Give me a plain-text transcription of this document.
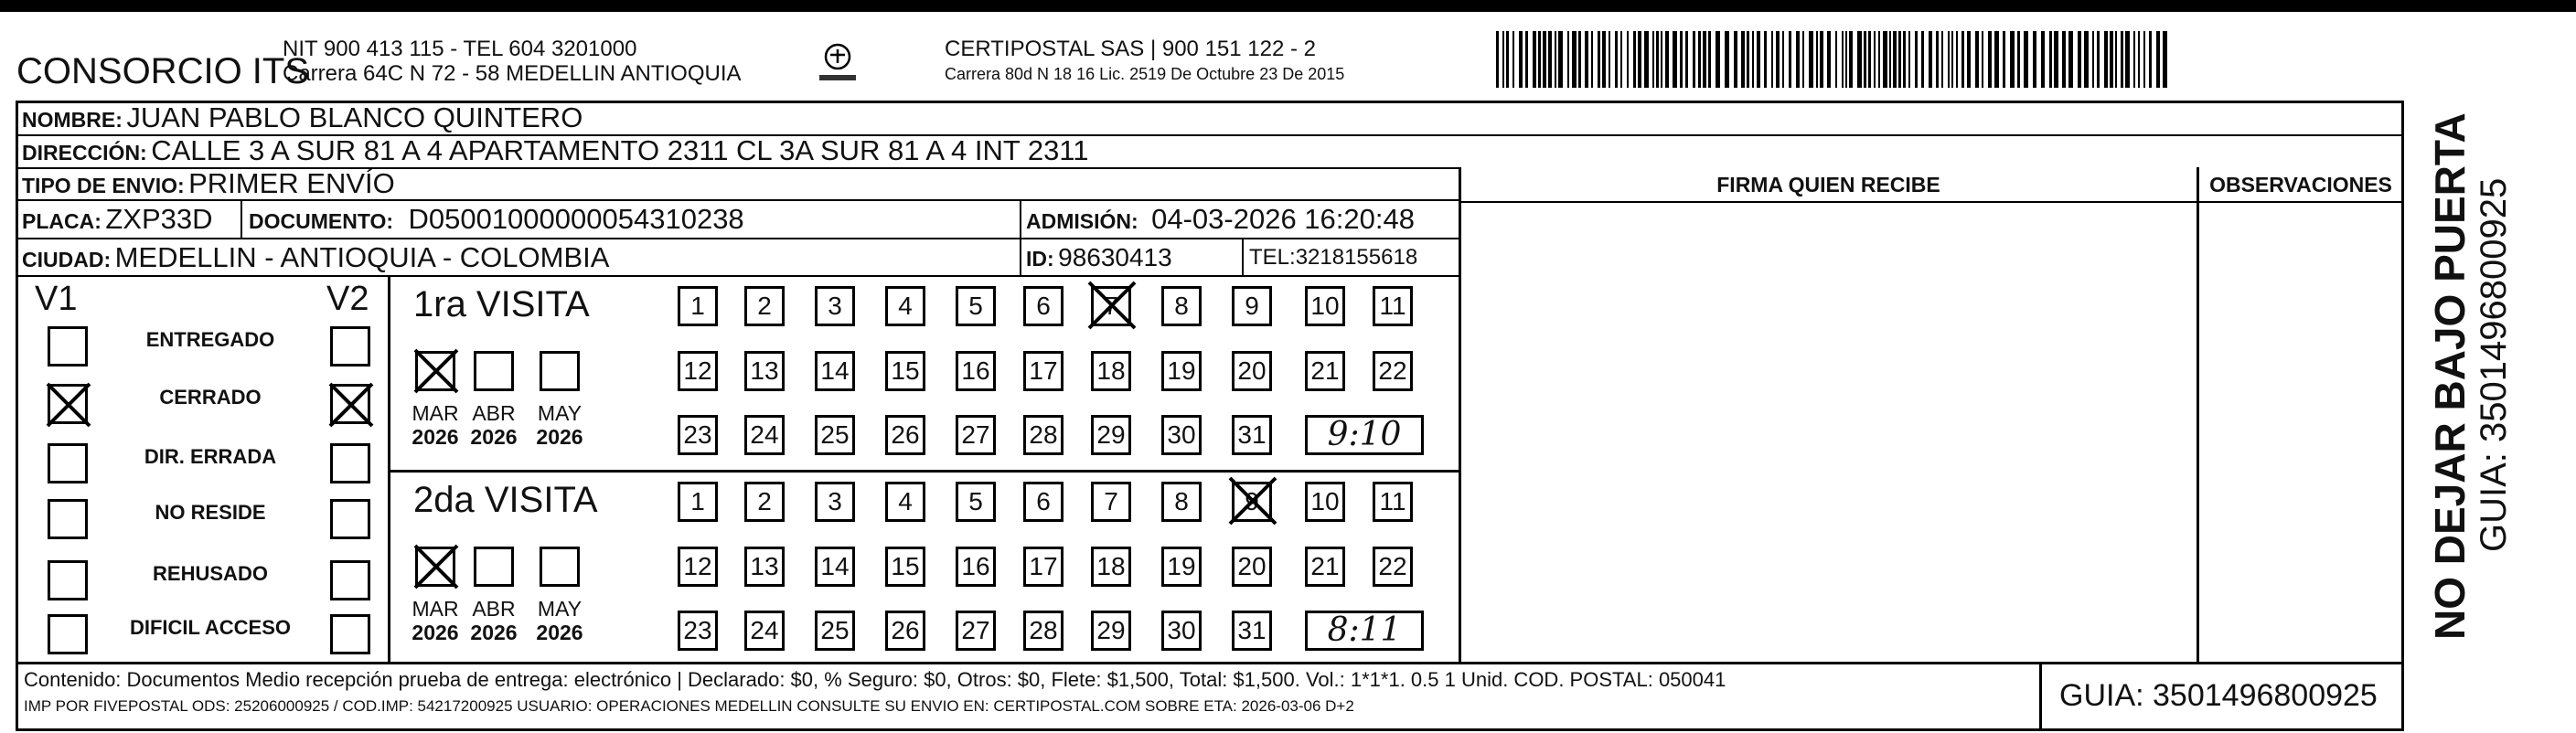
CONSORCIO ITS
NIT 900 413 115 - TEL 604 3201000
Carrera 64C N 72 - 58 MEDELLIN ANTIOQUIA
CERTIPOSTAL SAS | 900 151 122 - 2
Carrera 80d N 18 16 Lic. 2519 De Octubre 23 De 2015
NOMBRE: JUAN PABLO BLANCO QUINTERO
DIRECCIÓN: CALLE 3 A SUR 81 A 4 APARTAMENTO 2311 CL 3A SUR 81 A 4 INT 2311
TIPO DE ENVIO: PRIMER ENVÍO
PLACA: ZXP33D DOCUMENTO: D05001000000054310238	ADMISIÓN: 04-03-2026 16:20:48
CIUDAD: MEDELLIN - ANTIOQUIA - COLOMBIA	ID: 98630413	TEL:3218155618
FIRMA QUIEN RECIBE	OBSERVACIONES
V1	V2
ENTREGADO
CERRADO
DIR. ERRADA
NO RESIDE
REHUSADO
DIFICIL ACCESO
1ra VISITA
MAR
2026
ABR
2026
MAY
2026
1	2	3	4	5	6	7	8	9	10 11
12 13 14 15 16 17 18 19 20 21 22
23 24 25 26 27 28 29 30 31	9:10
2da VISITA
MAR
2026
ABR
2026
MAY
2026
1	2	3	4	5	6	7	8	9	10 11
12 13 14 15 16 17 18 19 20 21 22
23 24 25 26 27 28 29 30 31	8:11
Contenido: Documentos Medio recepción prueba de entrega: electrónico | Declarado: $0, % Seguro: $0, Otros: $0, Flete: $1,500, Total: $1,500. Vol.: 1*1*1. 0.5 1 Unid. COD. POSTAL: 050041
IMP POR FIVEPOSTAL ODS: 25206000925 / COD.IMP: 54217200925 USUARIO: OPERACIONES MEDELLIN CONSULTE SU ENVIO EN: CERTIPOSTAL.COM SOBRE ETA: 2026-03-06 D+2	GUIA: 3501496800925
NO DEJAR BAJO PUERTA GUIA: 3501496800925
